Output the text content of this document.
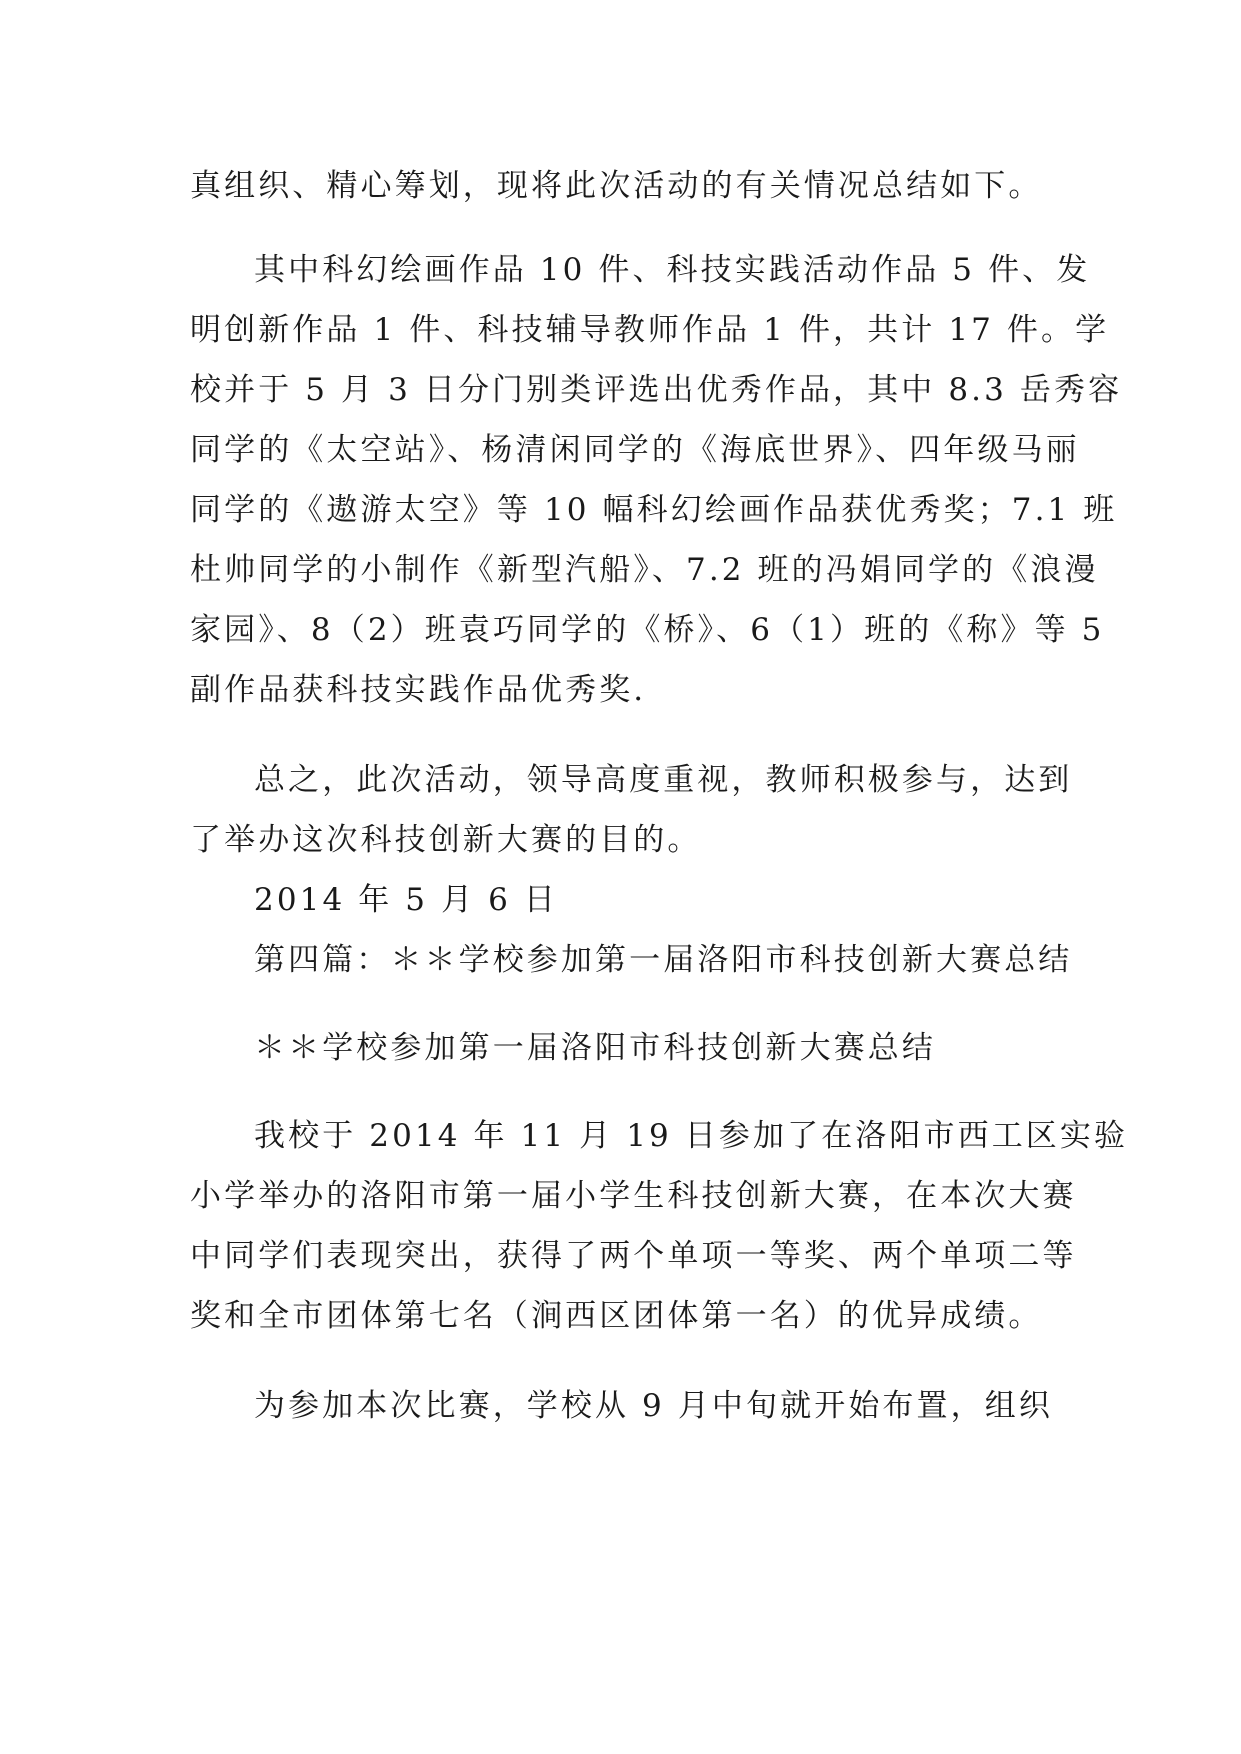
真组织、精心筹划，现将此次活动的有关情况总结如下。
其中科幻绘画作品 10 件、科技实践活动作品 5 件、发
明创新作品 1 件、科技辅导教师作品 1 件，共计 17 件。学
校并于 5 月 3 日分门别类评选出优秀作品，其中 8.3 岳秀容
同学的《太空站》、杨清闲同学的《海底世界》、四年级马丽
同学的《遨游太空》等 10 幅科幻绘画作品获优秀奖；7.1 班
杜帅同学的小制作《新型汽船》、7.2 班的冯娟同学的《浪漫
家园》、8（2）班袁巧同学的《桥》、6（1）班的《称》等 5
副作品获科技实践作品优秀奖.
总之，此次活动，领导高度重视，教师积极参与，达到
了举办这次科技创新大赛的目的。
2014 年 5 月 6 日
第四篇：＊＊学校参加第一届洛阳市科技创新大赛总结
＊＊学校参加第一届洛阳市科技创新大赛总结
我校于 2014 年 11 月 19 日参加了在洛阳市西工区实验
小学举办的洛阳市第一届小学生科技创新大赛，在本次大赛
中同学们表现突出，获得了两个单项一等奖、两个单项二等
奖和全市团体第七名（涧西区团体第一名）的优异成绩。
为参加本次比赛，学校从 9 月中旬就开始布置，组织
